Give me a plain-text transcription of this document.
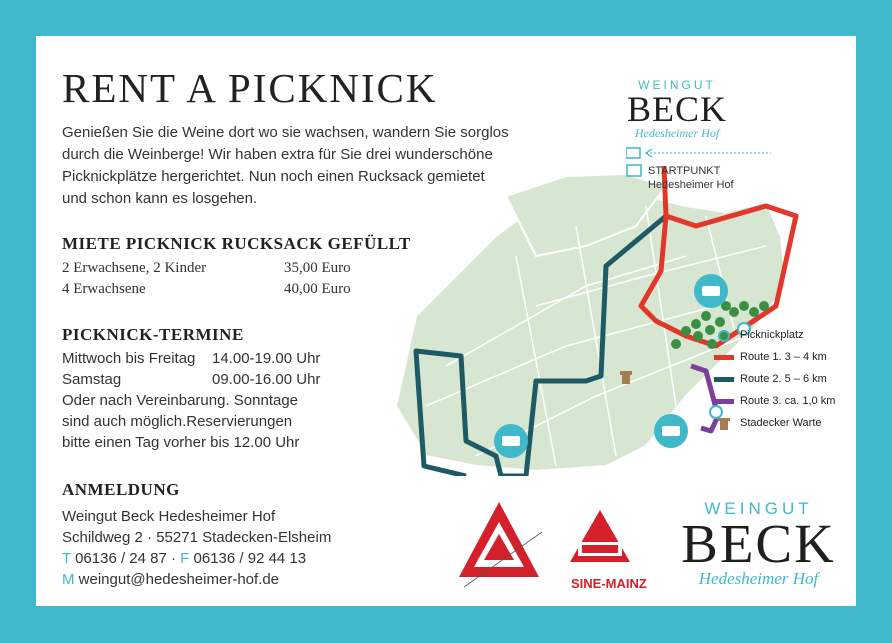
RENT A PICKNICK
Genießen Sie die Weine dort wo sie wachsen, wandern Sie sorglos durch die Weinberge! Wir haben extra für Sie drei wunderschöne Picknickplätze hergerichtet. Nun noch einen Rucksack gemietet und schon kann es losgehen.
MIETE PICKNICK RUCKSACK GEFÜLLT
2 Erwachsene, 2 Kinder	35,00 Euro
4 Erwachsene	40,00 Euro
PICKNICK-TERMINE
Mittwoch bis Freitag 14.00-19.00 Uhr
Samstag	09.00-16.00 Uhr
Oder nach Vereinbarung. Sonntage sind auch möglich.Reservierungen bitte einen Tag vorher bis 12.00 Uhr
ANMELDUNG
Weingut Beck Hedesheimer Hof
Schildweg 2 · 55271 Stadecken-Elsheim
T 06136 / 24 87 · F 06136 / 92 44 13
M weingut@hedesheimer-hof.de
WEINGUT
BECK
Hedesheimer Hof
STARTPUNKT
Hedesheimer Hof
Picknickplatz
Route 1. 3 – 4 km
Route 2. 5 – 6 km
Route 3. ca. 1,0 km
Stadecker Warte
SINE-MAINZ
WEINGUT
BECK
Hedesheimer Hof
